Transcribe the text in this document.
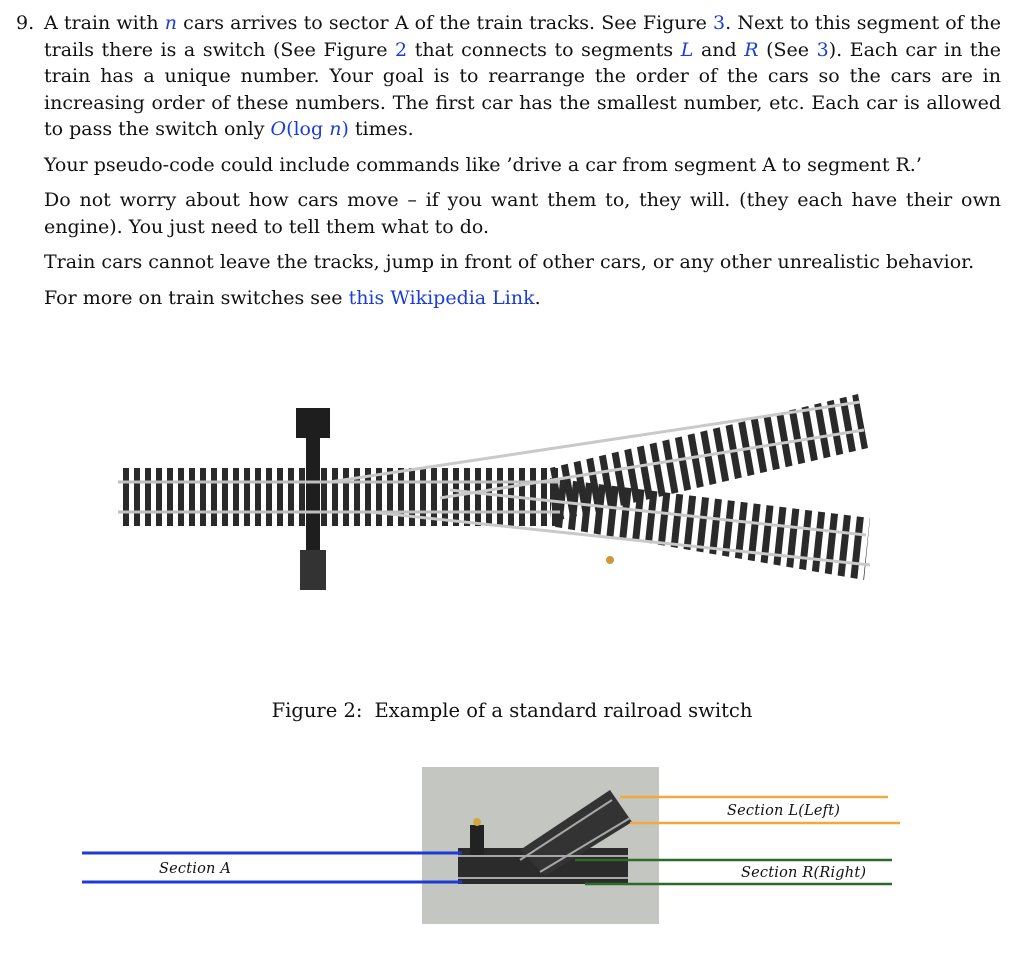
9. A train with n cars arrives to sector A of the train tracks. See Figure 3. Next to this segment of the trails there is a switch (See Figure 2 that connects to segments L and R (See 3). Each car in the train has a unique number. Your goal is to rearrange the order of the cars so the cars are in increasing order of these numbers. The first car has the smallest number, etc. Each car is allowed to pass the switch only O(log n) times.
Your pseudo-code could include commands like ’drive a car from segment A to segment R.’
Do not worry about how cars move – if you want them to, they will. (they each have their own engine). You just need to tell them what to do.
Train cars cannot leave the tracks, jump in front of other cars, or any other unrealistic behavior.
For more on train switches see this Wikipedia Link.
Figure 2: Example of a standard railroad switch
Section A
Section L(Left)
Section R(Right)
